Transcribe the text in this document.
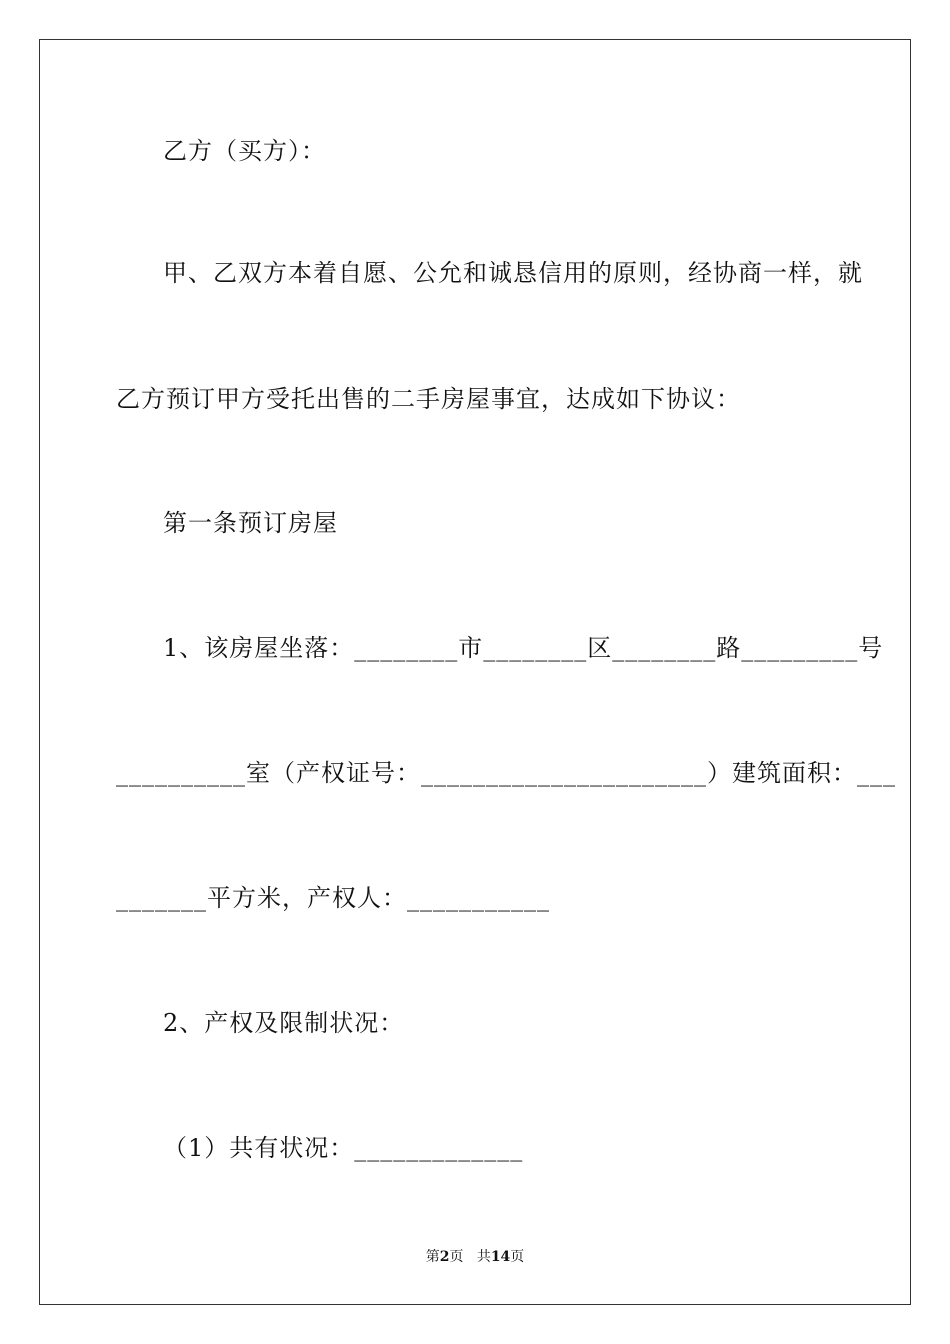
乙方（买方）：
甲、乙双方本着自愿、公允和诚恳信用的原则，经协商一样，就
乙方预订甲方受托出售的二手房屋事宜，达成如下协议：
第一条预订房屋
1、该房屋坐落：________市________区________路_________号
__________室（产权证号：______________________）建筑面积：___
_______平方米，产权人：___________
2、产权及限制状况：
（1）共有状况：_____________
第2页 共14页
